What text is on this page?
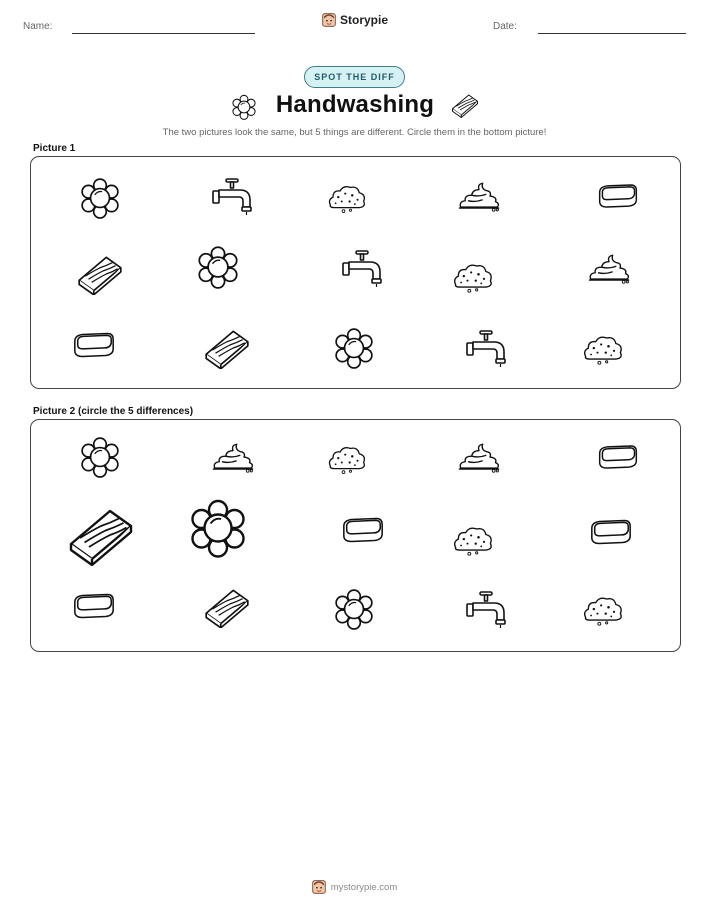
Name:	Storypie	Date:
SPOT THE DIFF
Handwashing
The two pictures look the same, but 5 things are different. Circle them in the bottom picture!
Picture 1
Picture 2 (circle the 5 differences)
mystorypie.com
